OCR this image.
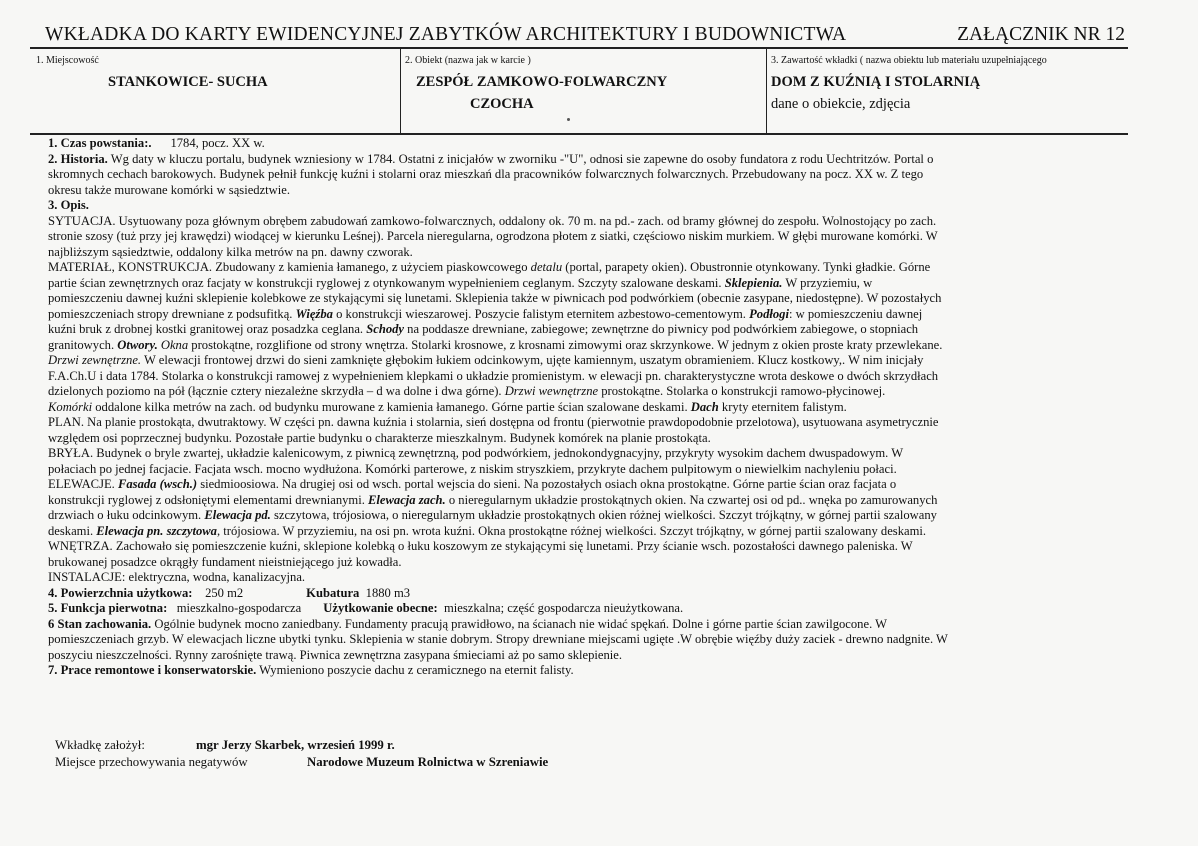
WKŁADKA DO KARTY EWIDENCYJNEJ ZABYTKÓW ARCHITEKTURY I BUDOWNICTWA	ZAŁĄCZNIK NR 12
1. Miejscowość
STANKOWICE- SUCHA
2. Obiekt (nazwa jak w karcie )
ZESPÓŁ ZAMKOWO-FOLWARCZNY
CZOCHA
3. Zawartość wkładki ( nazwa obiektu lub materiału uzupełniającego
DOM Z KUŹNIĄ I STOLARNIĄ
dane o obiekcie, zdjęcia

1. Czas powstania:. 1784, pocz. XX w.

2. Historia. Wg daty w kluczu portalu, budynek wzniesiony w 1784. Ostatni z inicjałów w zworniku -"U", odnosi sie zapewne do osoby fundatora z rodu Uechtritzów. Portal o

skromnych cechach barokowych. Budynek pełnił funkcję kuźni i stolarni oraz mieszkań dla pracowników folwarcznych folwarcznych. Przebudowany na pocz. XX w. Z tego

okresu także murowane komórki w sąsiedztwie.

3. Opis.

SYTUACJA. Usytuowany poza głównym obrębem zabudowań zamkowo-folwarcznych, oddalony ok. 70 m. na pd.- zach. od bramy głównej do zespołu. Wolnostojący po zach.

stronie szosy (tuż przy jej krawędzi) wiodącej w kierunku Leśnej). Parcela nieregularna, ogrodzona płotem z siatki, częściowo niskim murkiem. W głębi murowane komórki. W

najbliższym sąsiedztwie, oddalony kilka metrów na pn. dawny czworak.

MATERIAŁ, KONSTRUKCJA. Zbudowany z kamienia łamanego, z użyciem piaskowcowego detalu (portal, parapety okien). Obustronnie otynkowany. Tynki gładkie. Górne

partie ścian zewnętrznych oraz facjaty w konstrukcji ryglowej z otynkowanym wypełnieniem ceglanym. Szczyty szalowane deskami. Sklepienia. W przyziemiu, w

pomieszczeniu dawnej kuźni sklepienie kolebkowe ze stykającymi się lunetami. Sklepienia także w piwnicach pod podwórkiem (obecnie zasypane, niedostępne). W pozostałych

pomieszczeniach stropy drewniane z podsufitką. Więźba o konstrukcji wieszarowej. Poszycie falistym eternitem azbestowo-cementowym. Podłogi: w pomieszczeniu dawnej

kuźni bruk z drobnej kostki granitowej oraz posadzka ceglana. Schody na poddasze drewniane, zabiegowe; zewnętrzne do piwnicy pod podwórkiem zabiegowe, o stopniach

granitowych. Otwory. Okna prostokątne, rozglifione od strony wnętrza. Stolarki krosnowe, z krosnami zimowymi oraz skrzynkowe. W jednym z okien proste kraty przewlekane.

Drzwi zewnętrzne. W elewacji frontowej drzwi do sieni zamknięte głębokim łukiem odcinkowym, ujęte kamiennym, uszatym obramieniem. Klucz kostkowy,. W nim inicjały

F.A.Ch.U i data 1784. Stolarka o konstrukcji ramowej z wypełnieniem klepkami o układzie promienistym. w elewacji pn. charakterystyczne wrota deskowe o dwóch skrzydłach

dzielonych poziomo na pół (łącznie cztery niezależne skrzydła – d wa dolne i dwa górne). Drzwi wewnętrzne prostokątne. Stolarka o konstrukcji ramowo-płycinowej.

Komórki oddalone kilka metrów na zach. od budynku murowane z kamienia łamanego. Górne partie ścian szalowane deskami. Dach kryty eternitem falistym.

PLAN. Na planie prostokąta, dwutraktowy. W części pn. dawna kuźnia i stolarnia, sień dostępna od frontu (pierwotnie prawdopodobnie przelotowa), usytuowana asymetrycznie

względem osi poprzecznej budynku. Pozostałe partie budynku o charakterze mieszkalnym. Budynek komórek na planie prostokąta.

BRYŁA. Budynek o bryle zwartej, układzie kalenicowym, z piwnicą zewnętrzną, pod podwórkiem, jednokondygnacyjny, przykryty wysokim dachem dwuspadowym. W

połaciach po jednej facjacie. Facjata wsch. mocno wydłużona. Komórki parterowe, z niskim stryszkiem, przykryte dachem pulpitowym o niewielkim nachyleniu połaci.

ELEWACJE. Fasada (wsch.) siedmioosiowa. Na drugiej osi od wsch. portal wejscia do sieni. Na pozostałych osiach okna prostokątne. Górne partie ścian oraz facjata o

konstrukcji ryglowej z odsłoniętymi elementami drewnianymi. Elewacja zach. o nieregularnym układzie prostokątnych okien. Na czwartej osi od pd.. wnęka po zamurowanych

drzwiach o łuku odcinkowym. Elewacja pd. szczytowa, trójosiowa, o nieregularnym układzie prostokątnych okien różnej wielkości. Szczyt trójkątny, w górnej partii szalowany

deskami. Elewacja pn. szczytowa, trójosiowa. W przyziemiu, na osi pn. wrota kuźni. Okna prostokątne różnej wielkości. Szczyt trójkątny, w górnej partii szalowany deskami.

WNĘTRZA. Zachowało się pomieszczenie kuźni, sklepione kolebką o łuku koszowym ze stykającymi się lunetami. Przy ścianie wsch. pozostałości dawnego paleniska. W

brukowanej posadzce okrągły fundament nieistniejącego już kowadła.

INSTALACJE: elektryczna, wodna, kanalizacyjna.

4. Powierzchnia użytkowa: 250 m2	Kubatura 1880 m3

5. Funkcja pierwotna: mieszkalno-gospodarcza Użytkowanie obecne: mieszkalna; część gospodarcza nieużytkowana.

6 Stan zachowania. Ogólnie budynek mocno zaniedbany. Fundamenty pracują prawidłowo, na ścianach nie widać spękań. Dolne i górne partie ścian zawilgocone. W

pomieszczeniach grzyb. W elewacjach liczne ubytki tynku. Sklepienia w stanie dobrym. Stropy drewniane miejscami ugięte .W obrębie więźby duży zaciek - drewno nadgnite. W

poszyciu nieszczelności. Rynny zarośnięte trawą. Piwnica zewnętrzna zasypana śmieciami aż po samo sklepienie.

7. Prace remontowe i konserwatorskie. Wymieniono poszycie dachu z ceramicznego na eternit falisty.

Wkładkę założył:	mgr Jerzy Skarbek, wrzesień 1999 r.
Miejsce przechowywania negatywów	Narodowe Muzeum Rolnictwa w Szreniawie
